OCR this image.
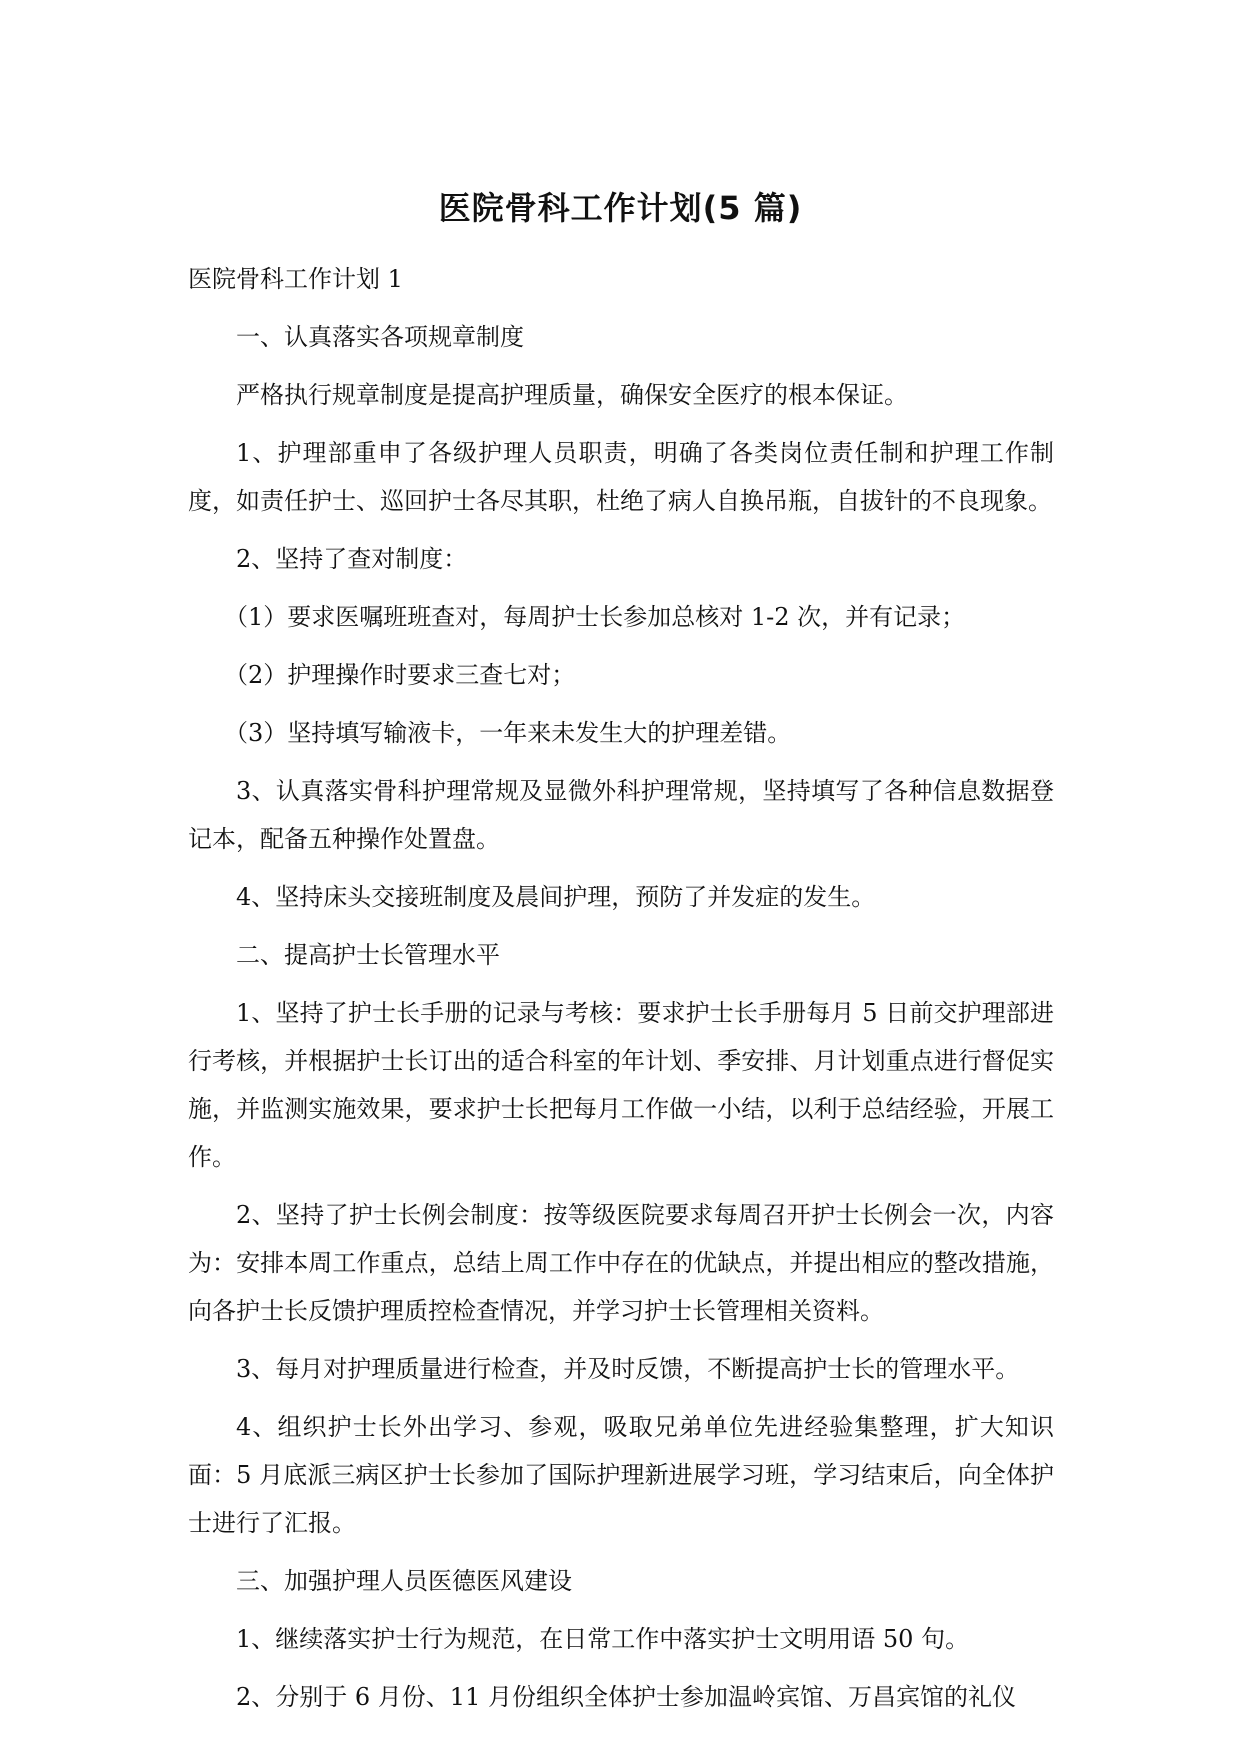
医院骨科工作计划(5 篇)

医院骨科工作计划 1

一、认真落实各项规章制度

严格执行规章制度是提高护理质量，确保安全医疗的根本保证。

1、护理部重申了各级护理人员职责，明确了各类岗位责任制和护理工作制度，如责任护士、巡回护士各尽其职，杜绝了病人自换吊瓶，自拔针的不良现象。

2、坚持了查对制度：

（1）要求医嘱班班查对，每周护士长参加总核对 1-2 次，并有记录；

（2）护理操作时要求三查七对；

（3）坚持填写输液卡，一年来未发生大的护理差错。

3、认真落实骨科护理常规及显微外科护理常规，坚持填写了各种信息数据登记本，配备五种操作处置盘。

4、坚持床头交接班制度及晨间护理，预防了并发症的发生。

二、提高护士长管理水平

1、坚持了护士长手册的记录与考核：要求护士长手册每月 5 日前交护理部进行考核，并根据护士长订出的适合科室的年计划、季安排、月计划重点进行督促实施，并监测实施效果，要求护士长把每月工作做一小结，以利于总结经验，开展工作。

2、坚持了护士长例会制度：按等级医院要求每周召开护士长例会一次，内容为：安排本周工作重点，总结上周工作中存在的优缺点，并提出相应的整改措施，向各护士长反馈护理质控检查情况，并学习护士长管理相关资料。

3、每月对护理质量进行检查，并及时反馈，不断提高护士长的管理水平。

4、组织护士长外出学习、参观，吸取兄弟单位先进经验集整理，扩大知识面：5 月底派三病区护士长参加了国际护理新进展学习班，学习结束后，向全体护士进行了汇报。

三、加强护理人员医德医风建设

1、继续落实护士行为规范，在日常工作中落实护士文明用语 50 句。

2、分别于 6 月份、11 月份组织全体护士参加温岭宾馆、万昌宾馆的礼仪
